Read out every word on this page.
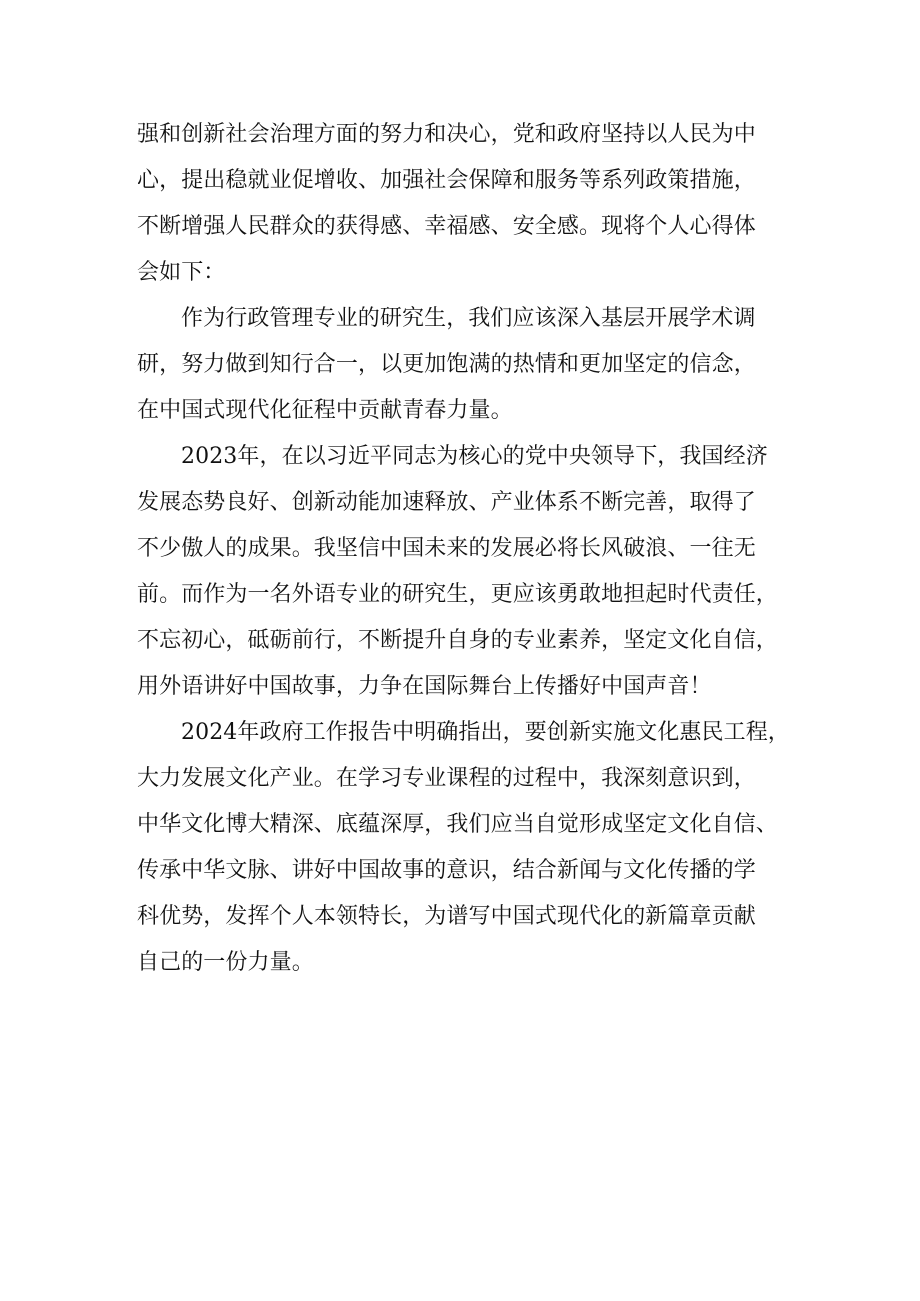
强和创新社会治理方面的努力和决心，党和政府坚持以人民为中
心，提出稳就业促增收、加强社会保障和服务等系列政策措施，
不断增强人民群众的获得感、幸福感、安全感。现将个人心得体
会如下：

作为行政管理专业的研究生，我们应该深入基层开展学术调
研，努力做到知行合一，以更加饱满的热情和更加坚定的信念，
在中国式现代化征程中贡献青春力量。

2023年，在以习近平同志为核心的党中央领导下，我国经济
发展态势良好、创新动能加速释放、产业体系不断完善，取得了
不少傲人的成果。我坚信中国未来的发展必将长风破浪、一往无
前。而作为一名外语专业的研究生，更应该勇敢地担起时代责任，
不忘初心，砥砺前行，不断提升自身的专业素养，坚定文化自信，
用外语讲好中国故事，力争在国际舞台上传播好中国声音！

2024年政府工作报告中明确指出，要创新实施文化惠民工程，
大力发展文化产业。在学习专业课程的过程中，我深刻意识到，
中华文化博大精深、底蕴深厚，我们应当自觉形成坚定文化自信、
传承中华文脉、讲好中国故事的意识，结合新闻与文化传播的学
科优势，发挥个人本领特长，为谱写中国式现代化的新篇章贡献
自己的一份力量。
